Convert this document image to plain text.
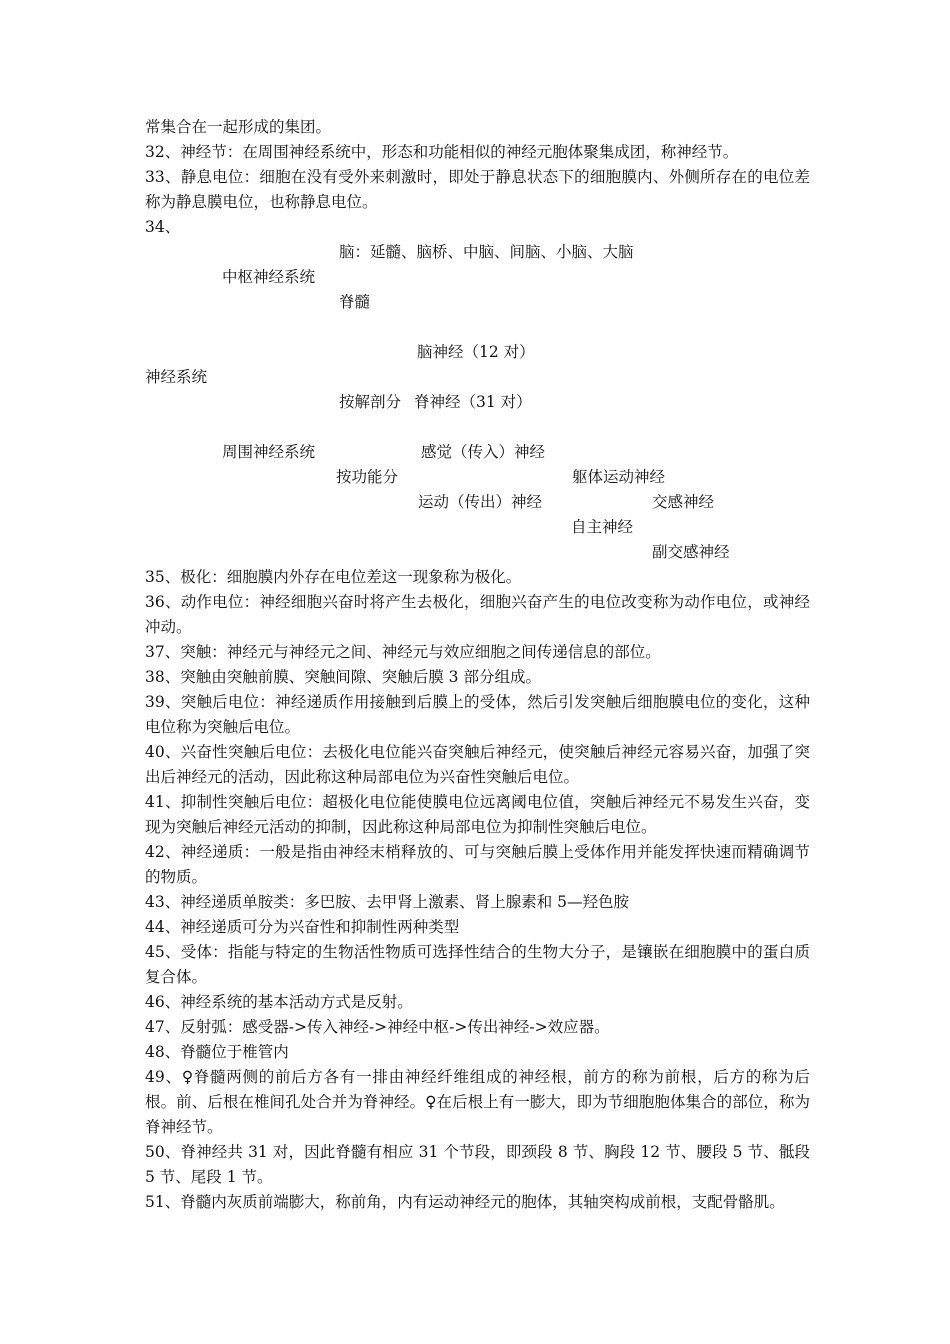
常集合在一起形成的集团。

32、神经节：在周围神经系统中，形态和功能相似的神经元胞体聚集成团，称神经节。

33、静息电位：细胞在没有受外来刺激时，即处于静息状态下的细胞膜内、外侧所存在的电位差称为静息膜电位，也称静息电位。

34、

脑：延髓、脑桥、中脑、间脑、小脑、大脑
中枢神经系统
脊髓
脑神经（12 对）
神经系统
按解剖分 脊神经（31 对）
周围神经系统	感觉（传入）神经
按功能分	躯体运动神经
运动（传出）神经	交感神经
自主神经
副交感神经

35、极化：细胞膜内外存在电位差这一现象称为极化。

36、动作电位：神经细胞兴奋时将产生去极化，细胞兴奋产生的电位改变称为动作电位，或神经冲动。

37、突触：神经元与神经元之间、神经元与效应细胞之间传递信息的部位。

38、突触由突触前膜、突触间隙、突触后膜 3 部分组成。

39、突触后电位：神经递质作用接触到后膜上的受体，然后引发突触后细胞膜电位的变化，这种电位称为突触后电位。

40、兴奋性突触后电位：去极化电位能兴奋突触后神经元，使突触后神经元容易兴奋，加强了突出后神经元的活动，因此称这种局部电位为兴奋性突触后电位。

41、抑制性突触后电位：超极化电位能使膜电位远离阈电位值，突触后神经元不易发生兴奋，变现为突触后神经元活动的抑制，因此称这种局部电位为抑制性突触后电位。

42、神经递质：一般是指由神经末梢释放的、可与突触后膜上受体作用并能发挥快速而精确调节的物质。

43、神经递质单胺类：多巴胺、去甲肾上激素、肾上腺素和 5—羟色胺

44、神经递质可分为兴奋性和抑制性两种类型

45、受体：指能与特定的生物活性物质可选择性结合的生物大分子，是镶嵌在细胞膜中的蛋白质复合体。

46、神经系统的基本活动方式是反射。

47、反射弧：感受器->传入神经->神经中枢->传出神经->效应器。

48、脊髓位于椎管内

49、♀脊髓两侧的前后方各有一排由神经纤维组成的神经根，前方的称为前根，后方的称为后根。前、后根在椎间孔处合并为脊神经。♀在后根上有一膨大，即为节细胞胞体集合的部位，称为脊神经节。

50、脊神经共 31 对，因此脊髓有相应 31 个节段，即颈段 8 节、胸段 12 节、腰段 5 节、骶段 5 节、尾段 1 节。

51、脊髓内灰质前端膨大，称前角，内有运动神经元的胞体，其轴突构成前根，支配骨骼肌。
